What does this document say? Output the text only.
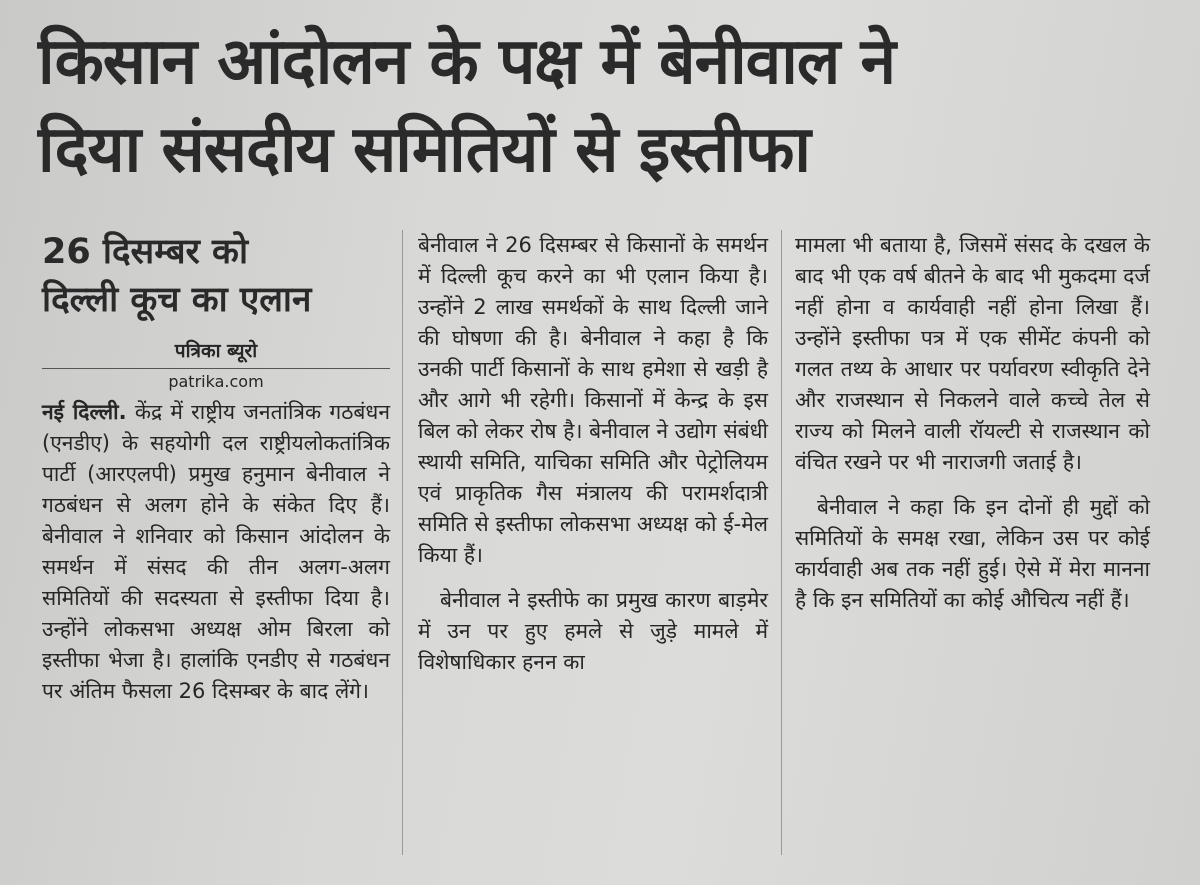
किसान आंदोलन के पक्ष में बेनीवाल ने
दिया संसदीय समितियों से इस्तीफा
26 दिसम्बर को
दिल्ली कूच का एलान
पत्रिका ब्यूरो
patrika.com

नई दिल्ली. केंद्र में राष्ट्रीय जनतांत्रिक गठबंधन (एनडीए) के सहयोगी दल राष्ट्रीयलोकतांत्रिक पार्टी (आरएलपी) प्रमुख हनुमान बेनीवाल ने गठबंधन से अलग होने के संकेत दिए हैं। बेनीवाल ने शनिवार को किसान आंदोलन के समर्थन में संसद की तीन अलग-अलग समितियों की सदस्यता से इस्तीफा दिया है। उन्होंने लोकसभा अध्यक्ष ओम बिरला को इस्तीफा भेजा है। हालांकि एनडीए से गठबंधन पर अंतिम फैसला 26 दिसम्बर के बाद लेंगे।

बेनीवाल ने 26 दिसम्बर से किसानों के समर्थन में दिल्ली कूच करने का भी एलान किया है। उन्होंने 2 लाख समर्थकों के साथ दिल्ली जाने की घोषणा की है। बेनीवाल ने कहा है कि उनकी पार्टी किसानों के साथ हमेशा से खड़ी है और आगे भी रहेगी। किसानों में केन्द्र के इस बिल को लेकर रोष है। बेनीवाल ने उद्योग संबंधी स्थायी समिति, याचिका समिति और पेट्रोलियम एवं प्राकृतिक गैस मंत्रालय की परामर्शदात्री समिति से इस्तीफा लोकसभा अध्यक्ष को ई-मेल किया हैं।

बेनीवाल ने इस्तीफे का प्रमुख कारण बाड़मेर में उन पर हुए हमले से जुड़े मामले में विशेषाधिकार हनन का

मामला भी बताया है, जिसमें संसद के दखल के बाद भी एक वर्ष बीतने के बाद भी मुकदमा दर्ज नहीं होना व कार्यवाही नहीं होना लिखा हैं। उन्होंने इस्तीफा पत्र में एक सीमेंट कंपनी को गलत तथ्य के आधार पर पर्यावरण स्वीकृति देने और राजस्थान से निकलने वाले कच्चे तेल से राज्य को मिलने वाली रॉयल्टी से राजस्थान को वंचित रखने पर भी नाराजगी जताई है।

बेनीवाल ने कहा कि इन दोनों ही मुद्दों को समितियों के समक्ष रखा, लेकिन उस पर कोई कार्यवाही अब तक नहीं हुई। ऐसे में मेरा मानना है कि इन समितियों का कोई औचित्य नहीं हैं।
